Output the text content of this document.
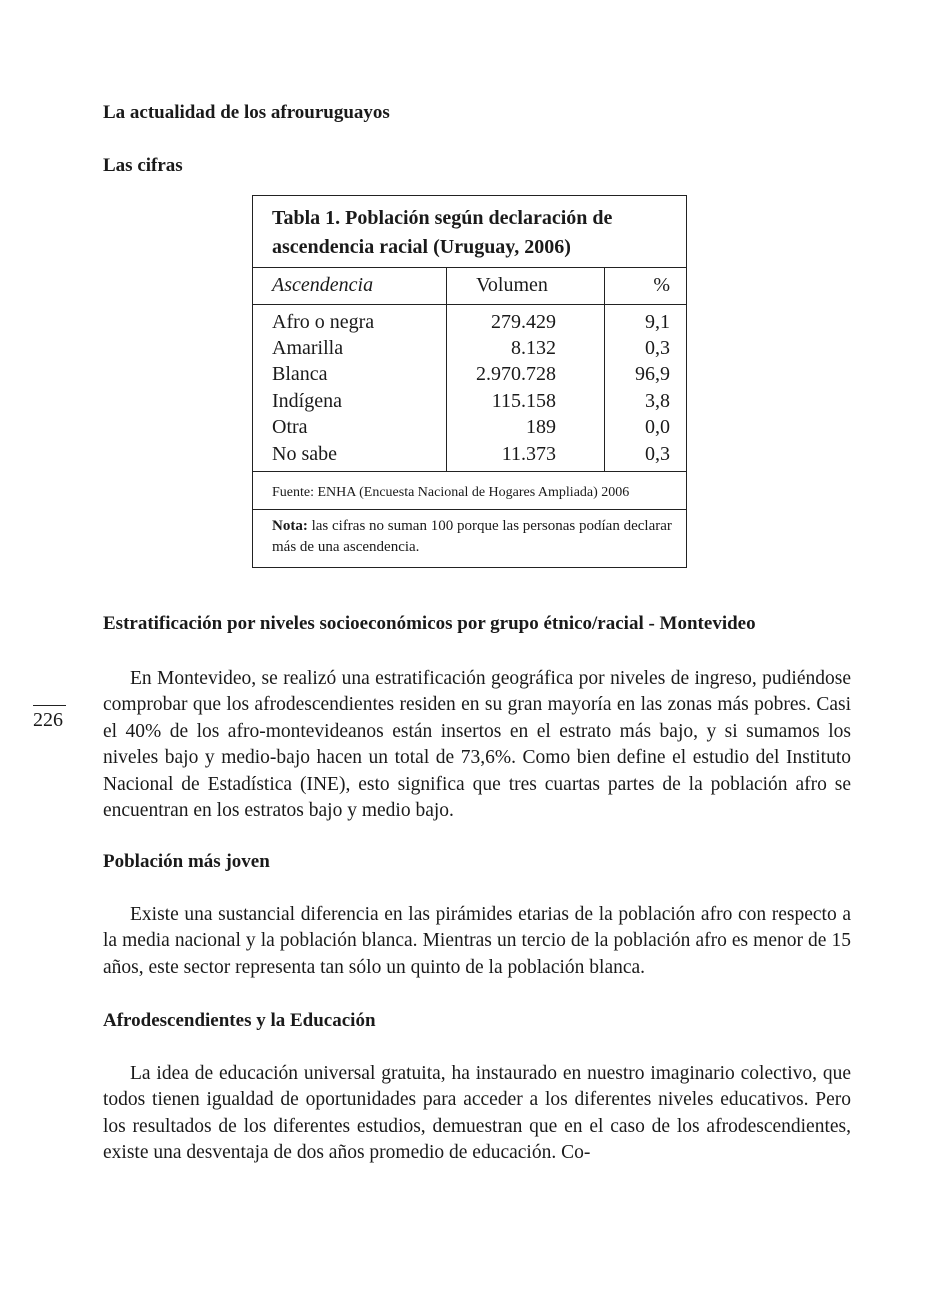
La actualidad de los afrouruguayos
Las cifras
Tabla 1. Población según declaración de ascendencia racial (Uruguay, 2006)
Ascendencia	Volumen	%
Afro o negra	279.429	9,1
Amarilla	8.132	0,3
Blanca	2.970.728	96,9
Indígena	115.158	3,8
Otra	189	0,0
No sabe	11.373	0,3
Fuente: ENHA (Encuesta Nacional de Hogares Ampliada) 2006
Nota: las cifras no suman 100 porque las personas podían declarar más de una ascendencia.
Estratificación por niveles socioeconómicos por grupo étnico/racial - Montevideo

En Montevideo, se realizó una estratificación geográfica por niveles de ingreso, pudiéndose comprobar que los afrodescendientes residen en su gran mayoría en las zonas más pobres. Casi el 40% de los afro-montevideanos están insertos en el estrato más bajo, y si sumamos los niveles bajo y medio-bajo hacen un total de 73,6%. Como bien define el estudio del Instituto Nacional de Estadística (INE), esto significa que tres cuartas partes de la población afro se encuentran en los estratos bajo y medio bajo.

226
Población más joven

Existe una sustancial diferencia en las pirámides etarias de la población afro con respecto a la media nacional y la población blanca. Mientras un tercio de la población afro es menor de 15 años, este sector representa tan sólo un quinto de la población blanca.

Afrodescendientes y la Educación

La idea de educación universal gratuita, ha instaurado en nuestro imaginario colectivo, que todos tienen igualdad de oportunidades para acceder a los diferentes niveles educativos. Pero los resultados de los diferentes estudios, demuestran que en el caso de los afrodescendientes, existe una desventaja de dos años promedio de educación. Co-
